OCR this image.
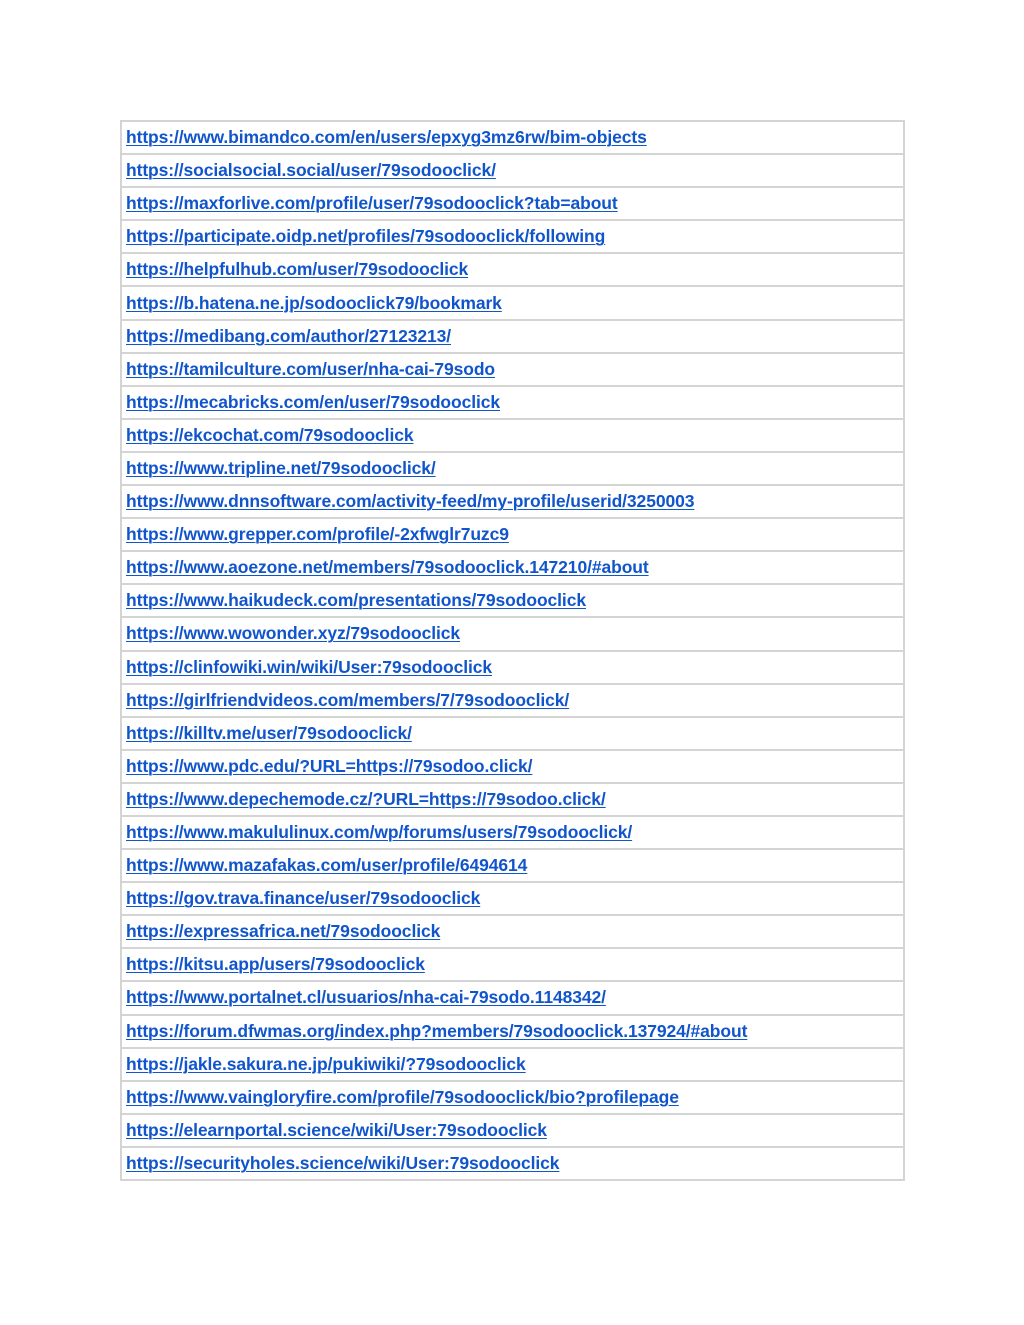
https://www.bimandco.com/en/users/epxyg3mz6rw/bim-objects
https://socialsocial.social/user/79sodooclick/
https://maxforlive.com/profile/user/79sodooclick?tab=about
https://participate.oidp.net/profiles/79sodooclick/following
https://helpfulhub.com/user/79sodooclick
https://b.hatena.ne.jp/sodooclick79/bookmark
https://medibang.com/author/27123213/
https://tamilculture.com/user/nha-cai-79sodo
https://mecabricks.com/en/user/79sodooclick
https://ekcochat.com/79sodooclick
https://www.tripline.net/79sodooclick/
https://www.dnnsoftware.com/activity-feed/my-profile/userid/3250003
https://www.grepper.com/profile/-2xfwglr7uzc9
https://www.aoezone.net/members/79sodooclick.147210/#about
https://www.haikudeck.com/presentations/79sodooclick
https://www.wowonder.xyz/79sodooclick
https://clinfowiki.win/wiki/User:79sodooclick
https://girlfriendvideos.com/members/7/79sodooclick/
https://killtv.me/user/79sodooclick/
https://www.pdc.edu/?URL=https://79sodoo.click/
https://www.depechemode.cz/?URL=https://79sodoo.click/
https://www.makululinux.com/wp/forums/users/79sodooclick/
https://www.mazafakas.com/user/profile/6494614
https://gov.trava.finance/user/79sodooclick
https://expressafrica.net/79sodooclick
https://kitsu.app/users/79sodooclick
https://www.portalnet.cl/usuarios/nha-cai-79sodo.1148342/
https://forum.dfwmas.org/index.php?members/79sodooclick.137924/#about
https://jakle.sakura.ne.jp/pukiwiki/?79sodooclick
https://www.vaingloryfire.com/profile/79sodooclick/bio?profilepage
https://elearnportal.science/wiki/User:79sodooclick
https://securityholes.science/wiki/User:79sodooclick
